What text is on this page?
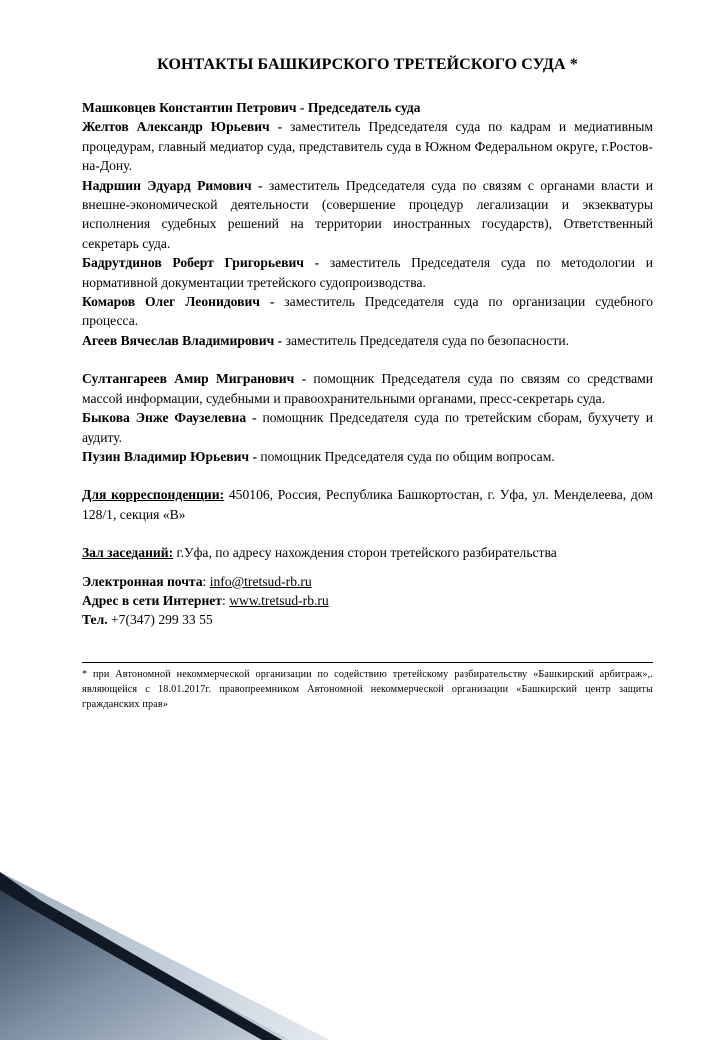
КОНТАКТЫ БАШКИРСКОГО ТРЕТЕЙСКОГО СУДА *

Машковцев Константин Петрович - Председатель суда

Желтов Александр Юрьевич - заместитель Председателя суда по кадрам и медиативным процедурам, главный медиатор суда, представитель суда в Южном Федеральном округе, г.Ростов-на-Дону.

Надршин Эдуард Римович - заместитель Председателя суда по связям с органами власти и внешне-экономической деятельности (совершение процедур легализации и экзекватуры исполнения судебных решений на территории иностранных государств), Ответственный секретарь суда.

Бадрутдинов Роберт Григорьевич - заместитель Председателя суда по методологии и нормативной документации третейского судопроизводства.

Комаров Олег Леонидович - заместитель Председателя суда по организации судебного процесса.

Агеев Вячеслав Владимирович - заместитель Председателя суда по безопасности.

Султангареев Амир Мигранович - помощник Председателя суда по связям со средствами массой информации, судебными и правоохранительными органами, пресс-секретарь суда.

Быкова Энже Фаузелевна - помощник Председателя суда по третейским сборам, бухучету и аудиту.

Пузин Владимир Юрьевич - помощник Председателя суда по общим вопросам.

Для корреспонденции: 450106, Россия, Республика Башкортостан, г. Уфа, ул. Менделеева, дом 128/1, секция «В»

Зал заседаний: г.Уфа, по адресу нахождения сторон третейского разбирательства

Электронная почта: info@tretsud-rb.ru

Адрес в сети Интернет: www.tretsud-rb.ru

Тел. +7(347) 299 33 55

* при Автономной некоммерческой организации по содействию третейскому разбирательству «Башкирский арбитраж»,. являющейся с 18.01.2017г. правопреемником Автономной некоммерческой организации «Башкирский центр защиты гражданских прав»
